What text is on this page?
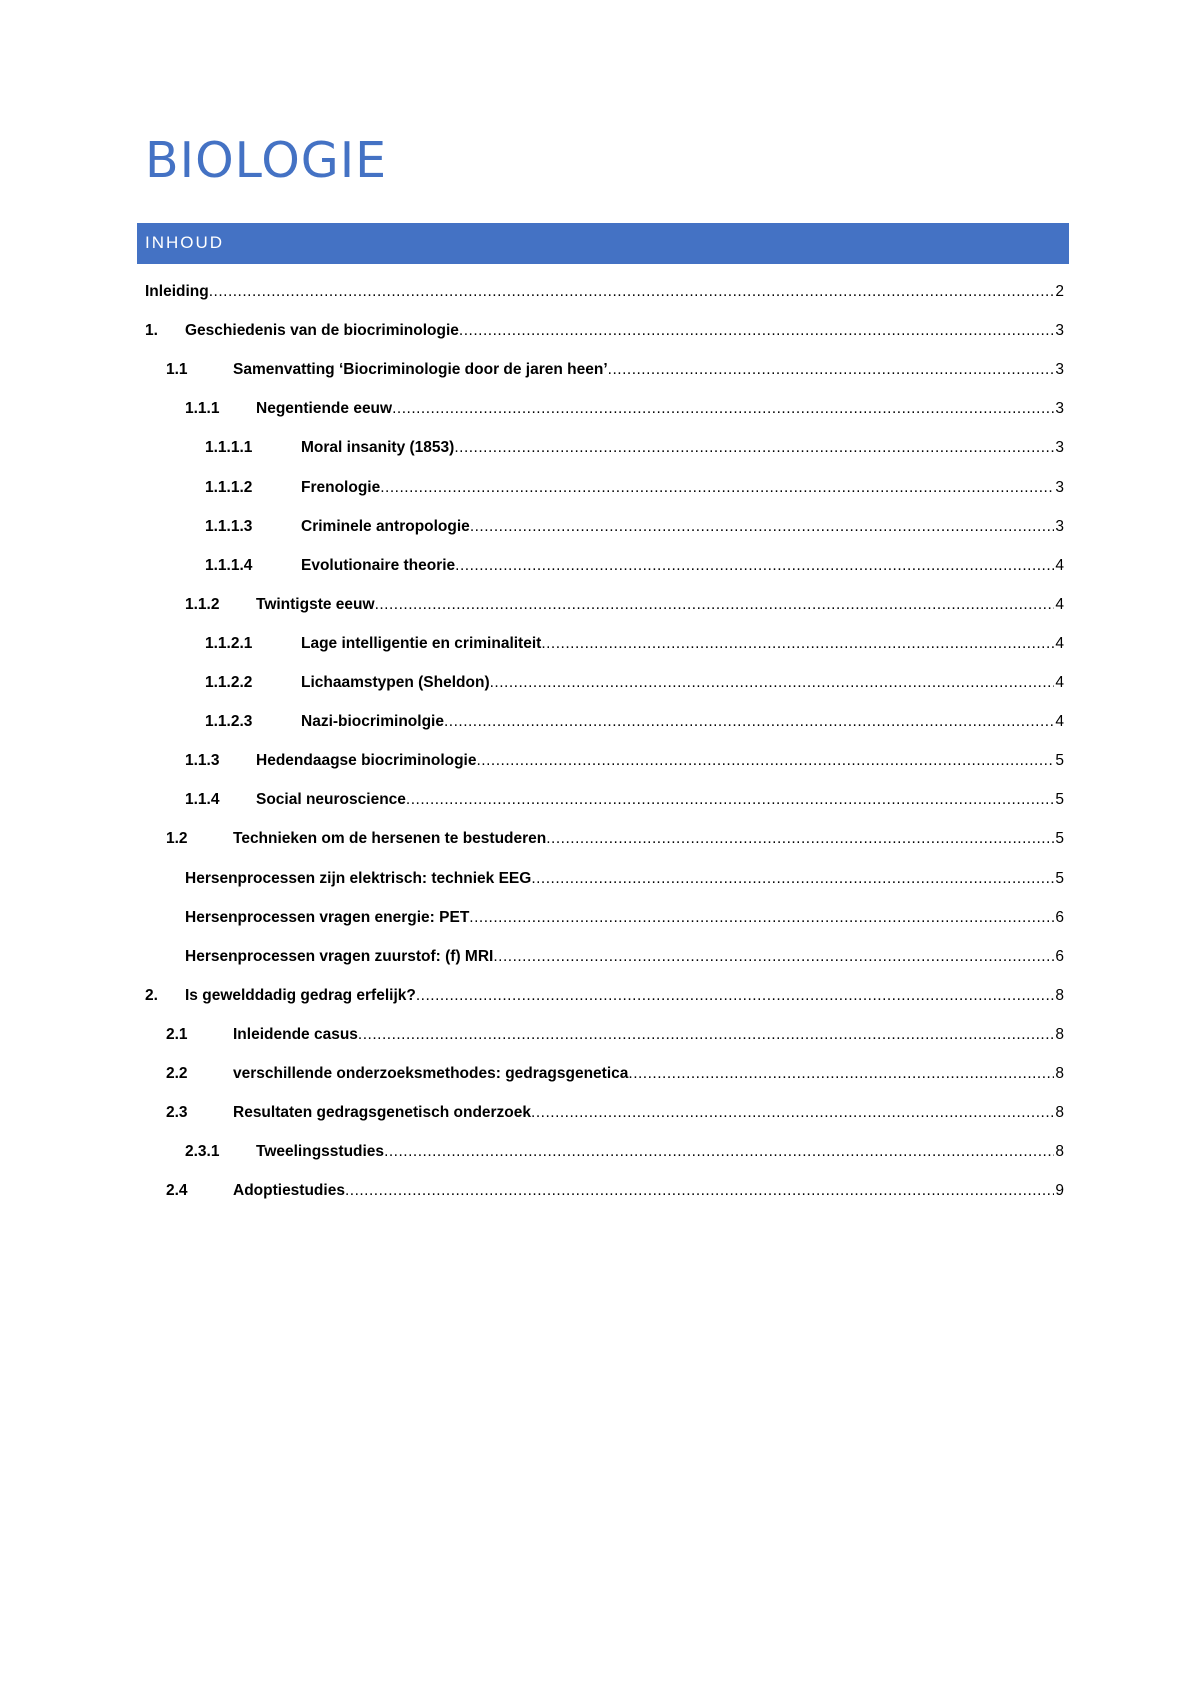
BIOLOGIE
INHOUD
Inleiding .....	2
1.	Geschiedenis van de biocriminologie .....	3
1.1	Samenvatting ‘Biocriminologie door de jaren heen’ .....	3
1.1.1	Negentiende eeuw .....	3
1.1.1.1	Moral insanity (1853) .....	3
1.1.1.2	Frenologie .....	3
1.1.1.3	Criminele antropologie .....	3
1.1.1.4	Evolutionaire theorie .....	4
1.1.2	Twintigste eeuw .....	4
1.1.2.1	Lage intelligentie en criminaliteit .....	4
1.1.2.2	Lichaamstypen (Sheldon) .....	4
1.1.2.3	Nazi-biocriminolgie .....	4
1.1.3	Hedendaagse biocriminologie .....	5
1.1.4	Social neuroscience .....	5
1.2	Technieken om de hersenen te bestuderen .....	5
Hersenprocessen zijn elektrisch: techniek EEG .....	5
Hersenprocessen vragen energie: PET .....	6
Hersenprocessen vragen zuurstof: (f) MRI .....	6
2.	Is gewelddadig gedrag erfelijk? .....	8
2.1	Inleidende casus .....	8
2.2	verschillende onderzoeksmethodes: gedragsgenetica .....	8
2.3	Resultaten gedragsgenetisch onderzoek .....	8
2.3.1	Tweelingsstudies .....	8
2.4	Adoptiestudies .....	9
